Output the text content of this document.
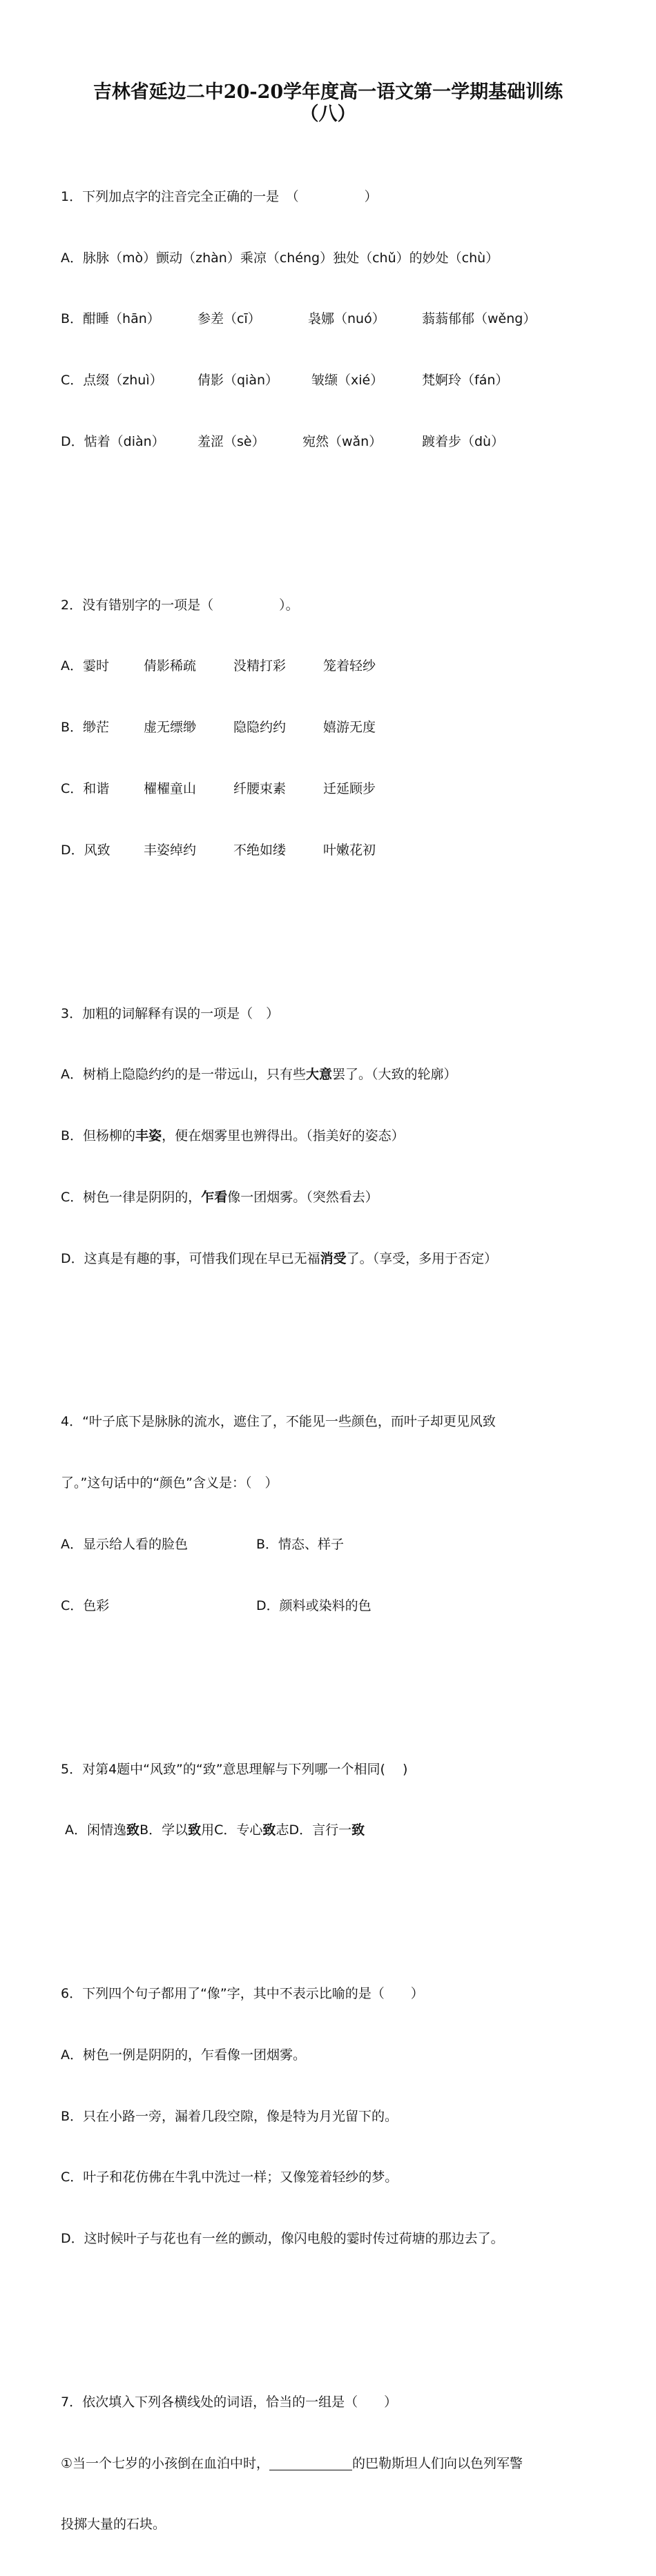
吉林省延边二中20-20学年度高一语文第一学期基础训练
（八）

1．下列加点字的注音完全正确的一是　（　　　　　）

A．脉脉（mò）颤动（zhàn）乘凉（chéng）独处（chǔ）的妙处（chù）

B．酣睡（hān）	参差（cī）	袅娜（nuó）	蓊蓊郁郁（wěng）

C．点缀（zhuì）	倩影（qiàn）	皱缬（xié）	梵婀玲（fán）

D．惦着（diàn）	羞涩（sè）	宛然（wǎn）	踱着步（dù）

2．没有错别字的一项是（　　　　　）。

A．霎时	倩影稀疏	没精打彩	笼着轻纱

B．缈茫	虚无缥缈	隐隐约约	嬉游无度

C．和谐	櫂櫂童山	纤腰束素	迁延顾步

D．风致	丰姿绰约	不绝如缕	叶嫩花初

3．加粗的词解释有误的一项是（　）

A．树梢上隐隐约约的是一带远山，只有些大意罢了。（大致的轮廓）

B．但杨柳的丰姿，便在烟雾里也辨得出。（指美好的姿态）

C．树色一律是阴阴的，乍看像一团烟雾。（突然看去）

D．这真是有趣的事，可惜我们现在早已无福消受了。（享受，多用于否定）

4．“叶子底下是脉脉的流水，遮住了，不能见一些颜色，而叶子却更见风致

了。”这句话中的“颜色”含义是：（　）

A．显示给人看的脸色	B．情态、样子

C．色彩	D．颜料或染料的色

5．对第4题中“风致”的“致”意思理解与下列哪一个相同(　 )

A．闲情逸致B．学以致用C．专心致志D．言行一致

6．下列四个句子都用了“像”字，其中不表示比喻的是（　　）

A．树色一例是阴阴的，乍看像一团烟雾。

B．只在小路一旁，漏着几段空隙，像是特为月光留下的。

C．叶子和花仿佛在牛乳中洗过一样；又像笼着轻纱的梦。

D．这时候叶子与花也有一丝的颤动，像闪电般的霎时传过荷塘的那边去了。

7．依次填入下列各横线处的词语，恰当的一组是（　　）

①当一个七岁的小孩倒在血泊中时，	的巴勒斯坦人们向以色列军警

投掷大量的石块。
